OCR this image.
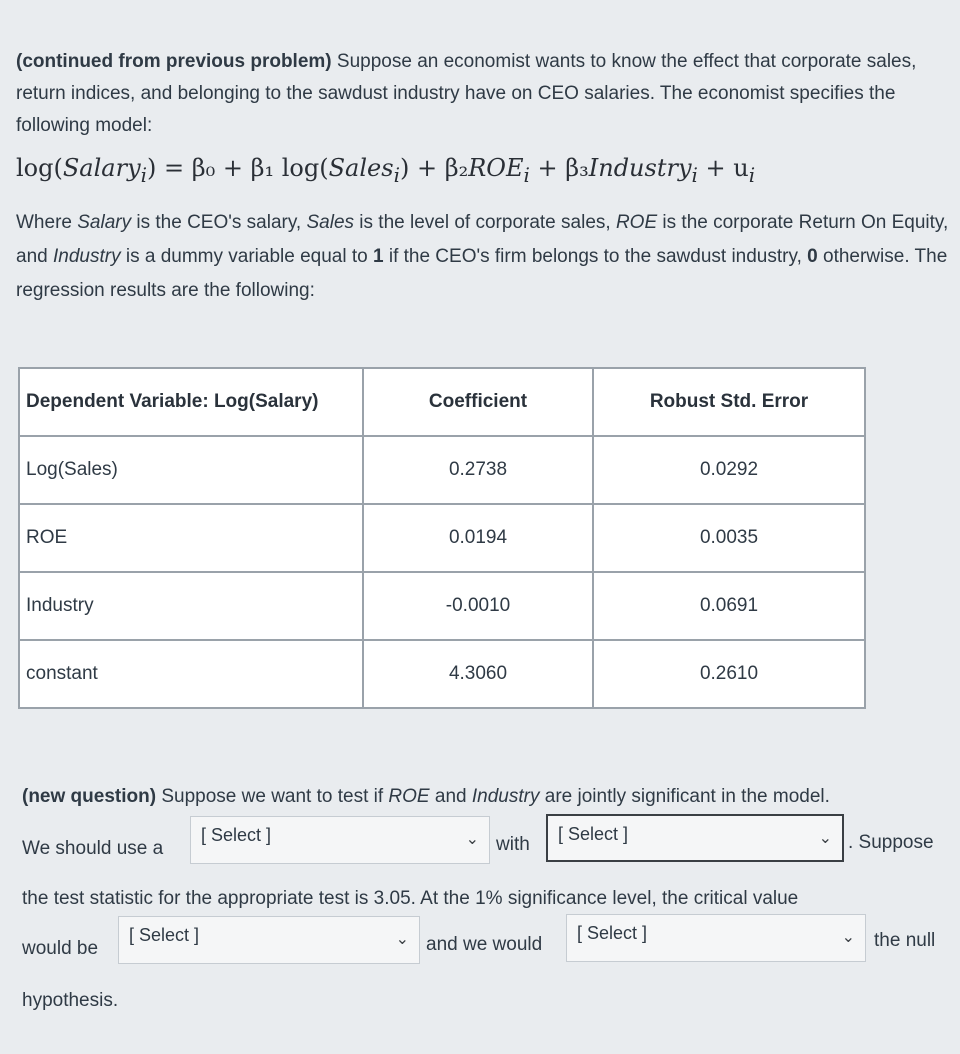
(continued from previous problem) Suppose an economist wants to know the effect that corporate sales, return indices, and belonging to the sawdust industry have on CEO salaries. The economist specifies the following model:
log(Salary$_i$) = β₀ + β₁ log(Sales$_i$) + $\beta_2ROE_i$ + β₃Industry$_i$ + $u_i$
Where Salary is the CEO's salary, Sales is the level of corporate sales, ROE is the corporate Return On Equity, and Industry is a dummy variable equal to 1 if the CEO's firm belongs to the sawdust industry, 0 otherwise. The regression results are the following:
Dependent Variable: Log(Salary)	Coefficient	Robust Std. Error
Log(Sales)	0.2738	0.0292
ROE	0.0194	0.0035
Industry	-0.0010	0.0691
constant	4.3060	0.2610
(new question) Suppose we want to test if ROE and Industry are jointly significant in the model.
We should use a
[ Select ]	⌄ with	[ Select ]	⌄ . Suppose
the test statistic for the appropriate test is 3.05. At the 1% significance level, the critical value
would be
[ Select ]	⌄ and we would
[ Select ]	⌄ the null
hypothesis.
